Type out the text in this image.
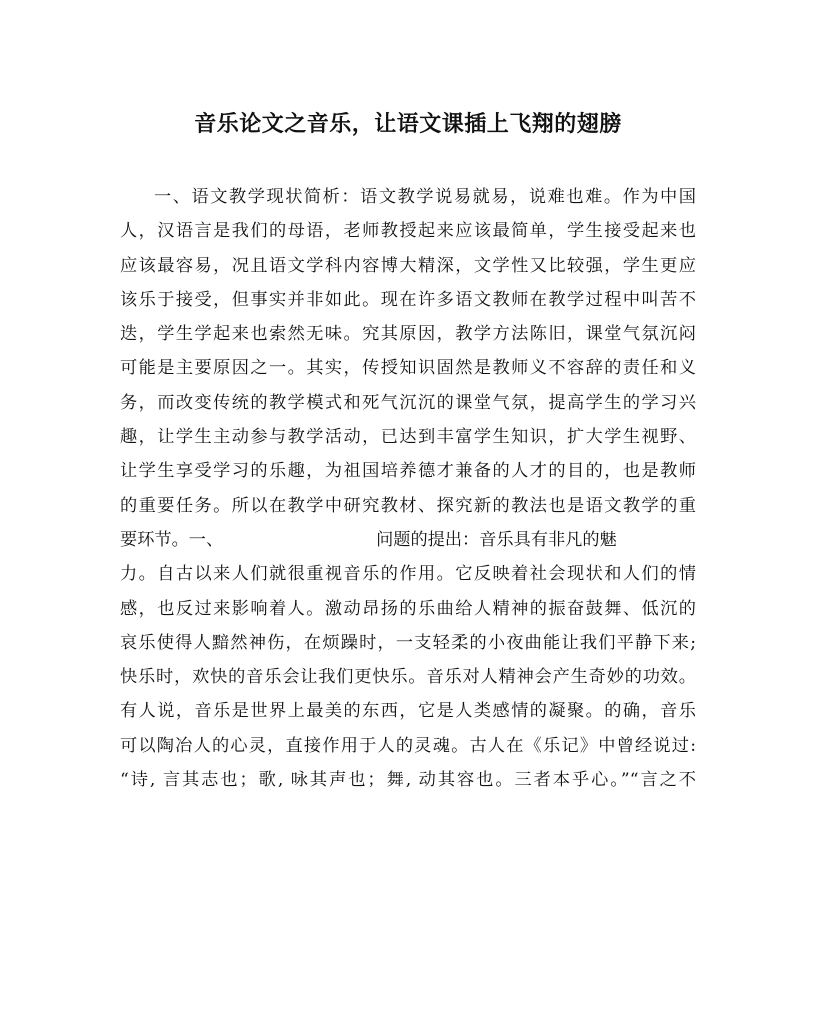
音乐论文之音乐，让语文课插上飞翔的翅膀
一、语文教学现状简析：语文教学说易就易，说难也难。作为中国
人，汉语言是我们的母语，老师教授起来应该最简单，学生接受起来也
应该最容易，况且语文学科内容博大精深，文学性又比较强，学生更应
该乐于接受，但事实并非如此。现在许多语文教师在教学过程中叫苦不
迭，学生学起来也索然无味。究其原因，教学方法陈旧，课堂气氛沉闷
可能是主要原因之一。其实，传授知识固然是教师义不容辞的责任和义
务，而改变传统的教学模式和死气沉沉的课堂气氛，提高学生的学习兴
趣，让学生主动参与教学活动，已达到丰富学生知识，扩大学生视野、
让学生享受学习的乐趣，为祖国培养德才兼备的人才的目的，也是教师
的重要任务。所以在教学中研究教材、探究新的教法也是语文教学的重
要环节。一、                            问题的提出：音乐具有非凡的魅
力。自古以来人们就很重视音乐的作用。它反映着社会现状和人们的情
感，也反过来影响着人。激动昂扬的乐曲给人精神的振奋鼓舞、低沉的
哀乐使得人黯然神伤，在烦躁时，一支轻柔的小夜曲能让我们平静下来;
快乐时，欢快的音乐会让我们更快乐。音乐对人精神会产生奇妙的功效。
有人说，音乐是世界上最美的东西，它是人类感情的凝聚。的确，音乐
可以陶冶人的心灵，直接作用于人的灵魂。古人在《乐记》中曾经说过:
“诗, 言其志也；歌, 咏其声也；舞, 动其容也。三者本乎心。”“言之不
